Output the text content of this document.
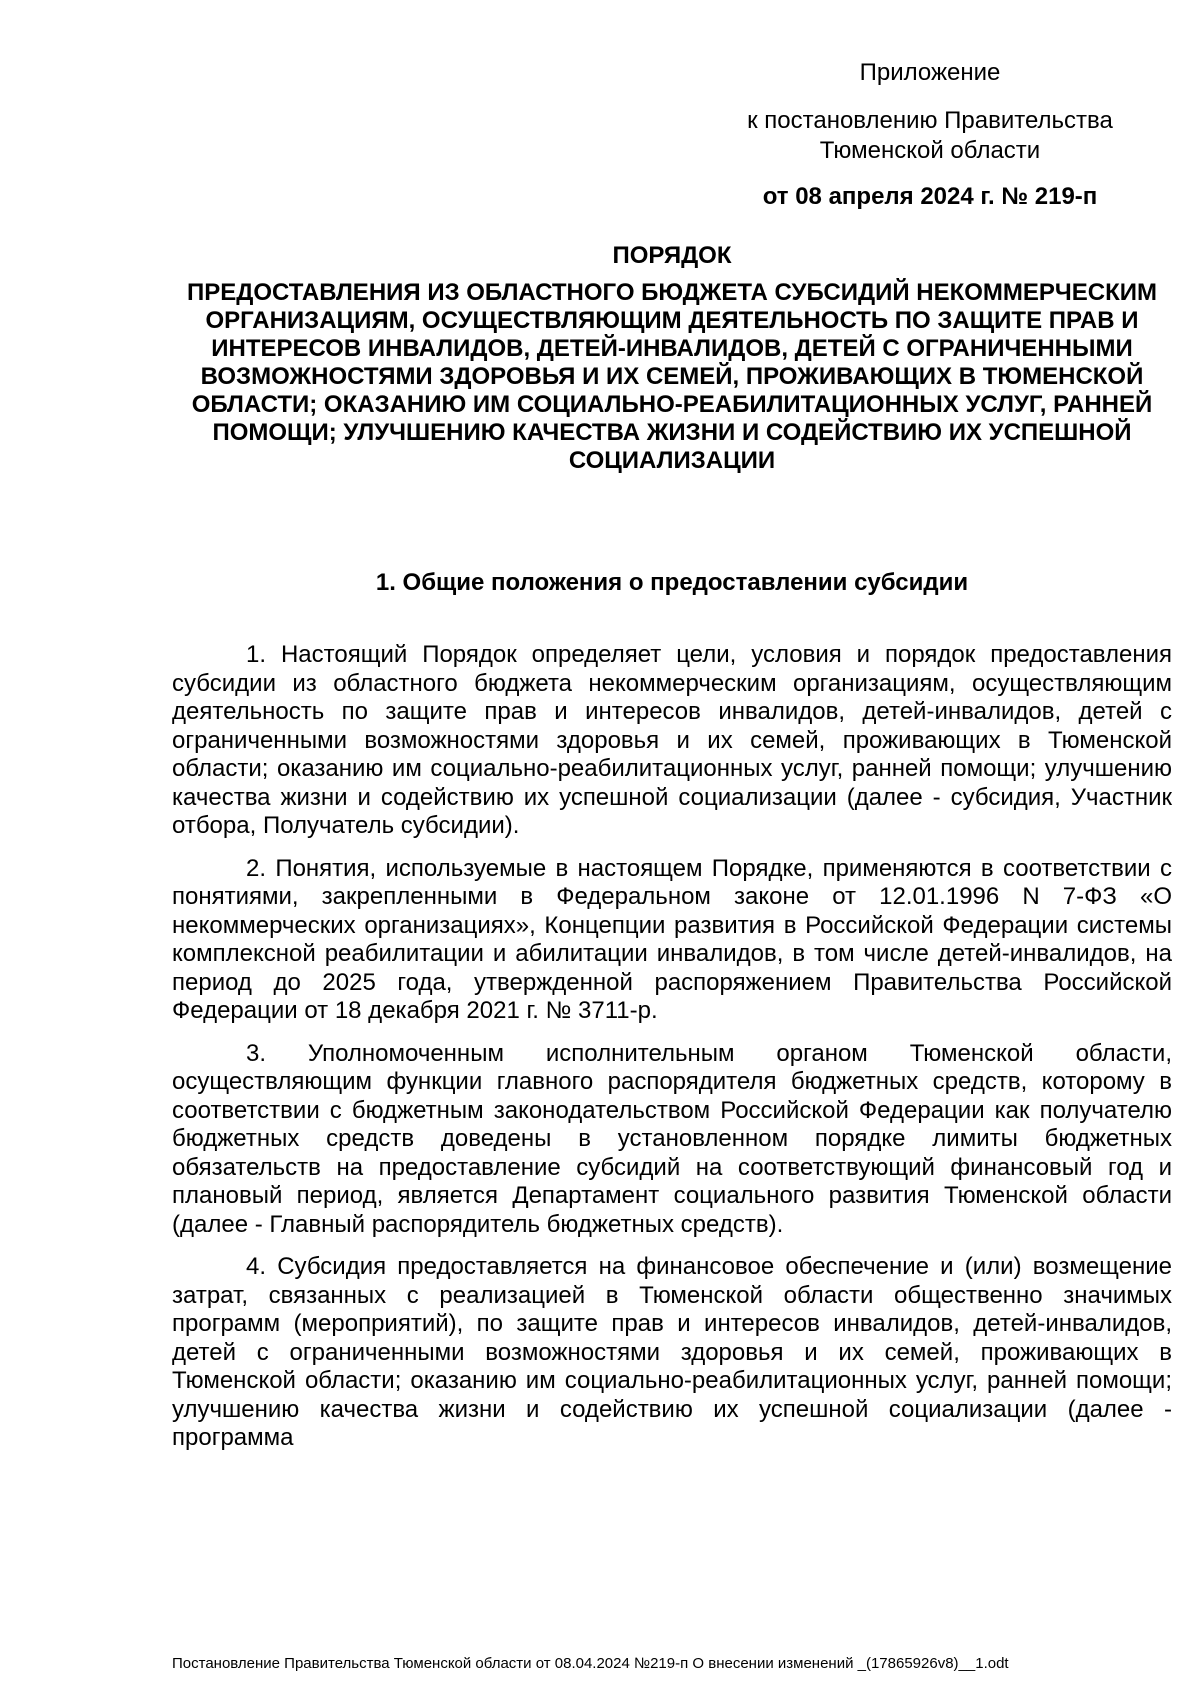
Приложение
к постановлению Правительства Тюменской области
от 08 апреля 2024 г. № 219-п
ПОРЯДОК
ПРЕДОСТАВЛЕНИЯ ИЗ ОБЛАСТНОГО БЮДЖЕТА СУБСИДИЙ НЕКОММЕРЧЕСКИМ ОРГАНИЗАЦИЯМ, ОСУЩЕСТВЛЯЮЩИМ ДЕЯТЕЛЬНОСТЬ ПО ЗАЩИТЕ ПРАВ И ИНТЕРЕСОВ ИНВАЛИДОВ, ДЕТЕЙ-ИНВАЛИДОВ, ДЕТЕЙ С ОГРАНИЧЕННЫМИ ВОЗМОЖНОСТЯМИ ЗДОРОВЬЯ И ИХ СЕМЕЙ, ПРОЖИВАЮЩИХ В ТЮМЕНСКОЙ ОБЛАСТИ; ОКАЗАНИЮ ИМ СОЦИАЛЬНО-РЕАБИЛИТАЦИОННЫХ УСЛУГ, РАННЕЙ ПОМОЩИ; УЛУЧШЕНИЮ КАЧЕСТВА ЖИЗНИ И СОДЕЙСТВИЮ ИХ УСПЕШНОЙ СОЦИАЛИЗАЦИИ
1. Общие положения о предоставлении субсидии

1. Настоящий Порядок определяет цели, условия и порядок предоставления субсидии из областного бюджета некоммерческим организациям, осуществляющим деятельность по защите прав и интересов инвалидов, детей-инвалидов, детей с ограниченными возможностями здоровья и их семей, проживающих в Тюменской области; оказанию им социально-реабилитационных услуг, ранней помощи; улучшению качества жизни и содействию их успешной социализации (далее - субсидия, Участник отбора, Получатель субсидии).

2. Понятия, используемые в настоящем Порядке, применяются в соответствии с понятиями, закрепленными в Федеральном законе от 12.01.1996 N 7-ФЗ «О некоммерческих организациях», Концепции развития в Российской Федерации системы комплексной реабилитации и абилитации инвалидов, в том числе детей-инвалидов, на период до 2025 года, утвержденной распоряжением Правительства Российской Федерации от 18 декабря 2021 г. № 3711-р.

3. Уполномоченным исполнительным органом Тюменской области, осуществляющим функции главного распорядителя бюджетных средств, которому в соответствии с бюджетным законодательством Российской Федерации как получателю бюджетных средств доведены в установленном порядке лимиты бюджетных обязательств на предоставление субсидий на соответствующий финансовый год и плановый период, является Департамент социального развития Тюменской области (далее - Главный распорядитель бюджетных средств).

4. Субсидия предоставляется на финансовое обеспечение и (или) возмещение затрат, связанных с реализацией в Тюменской области общественно значимых программ (мероприятий), по защите прав и интересов инвалидов, детей-инвалидов, детей с ограниченными возможностями здоровья и их семей, проживающих в Тюменской области; оказанию им социально-реабилитационных услуг, ранней помощи; улучшению качества жизни и содействию их успешной социализации (далее - программа

Постановление Правительства Тюменской области от 08.04.2024 №219-п О внесении изменений _(17865926v8)__1.odt
